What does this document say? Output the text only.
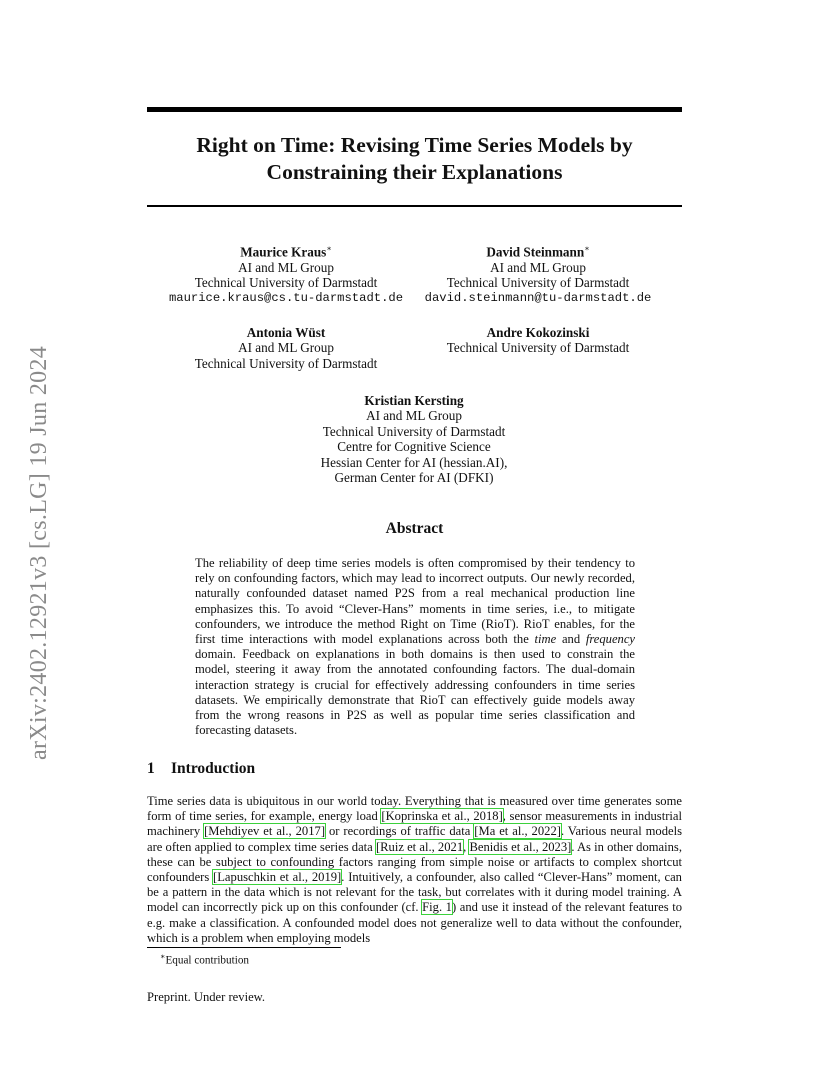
arXiv:2402.12921v3 [cs.LG] 19 Jun 2024
Right on Time: Revising Time Series Models by
Constraining their Explanations
Maurice Kraus∗
AI and ML Group
Technical University of Darmstadt
maurice.kraus@cs.tu-darmstadt.de
David Steinmann∗
AI and ML Group
Technical University of Darmstadt
david.steinmann@tu-darmstadt.de
Antonia Wüst
AI and ML Group
Technical University of Darmstadt
Andre Kokozinski
Technical University of Darmstadt
Kristian Kersting
AI and ML Group
Technical University of Darmstadt
Centre for Cognitive Science
Hessian Center for AI (hessian.AI),
German Center for AI (DFKI)
Abstract
The reliability of deep time series models is often compromised by their tendency to rely on confounding factors, which may lead to incorrect outputs. Our newly recorded, naturally confounded dataset named P2S from a real mechanical production line emphasizes this. To avoid “Clever-Hans” moments in time series, i.e., to mitigate confounders, we introduce the method Right on Time (RioT). RioT enables, for the first time interactions with model explanations across both the time and frequency domain. Feedback on explanations in both domains is then used to constrain the model, steering it away from the annotated confounding factors. The dual-domain interaction strategy is crucial for effectively addressing confounders in time series datasets. We empirically demonstrate that RioT can effectively guide models away from the wrong reasons in P2S as well as popular time series classification and forecasting datasets.
1 Introduction
Time series data is ubiquitous in our world today. Everything that is measured over time generates some form of time series, for example, energy load [Koprinska et al., 2018], sensor measurements in industrial machinery [Mehdiyev et al., 2017] or recordings of traffic data [Ma et al., 2022]. Various neural models are often applied to complex time series data [Ruiz et al., 2021, Benidis et al., 2023]. As in other domains, these can be subject to confounding factors ranging from simple noise or artifacts to complex shortcut confounders [Lapuschkin et al., 2019]. Intuitively, a confounder, also called “Clever-Hans” moment, can be a pattern in the data which is not relevant for the task, but correlates with it during model training. A model can incorrectly pick up on this confounder (cf. Fig. 1) and use it instead of the relevant features to e.g. make a classification. A confounded model does not generalize well to data without the confounder, which is a problem when employing models
∗Equal contribution
Preprint. Under review.
